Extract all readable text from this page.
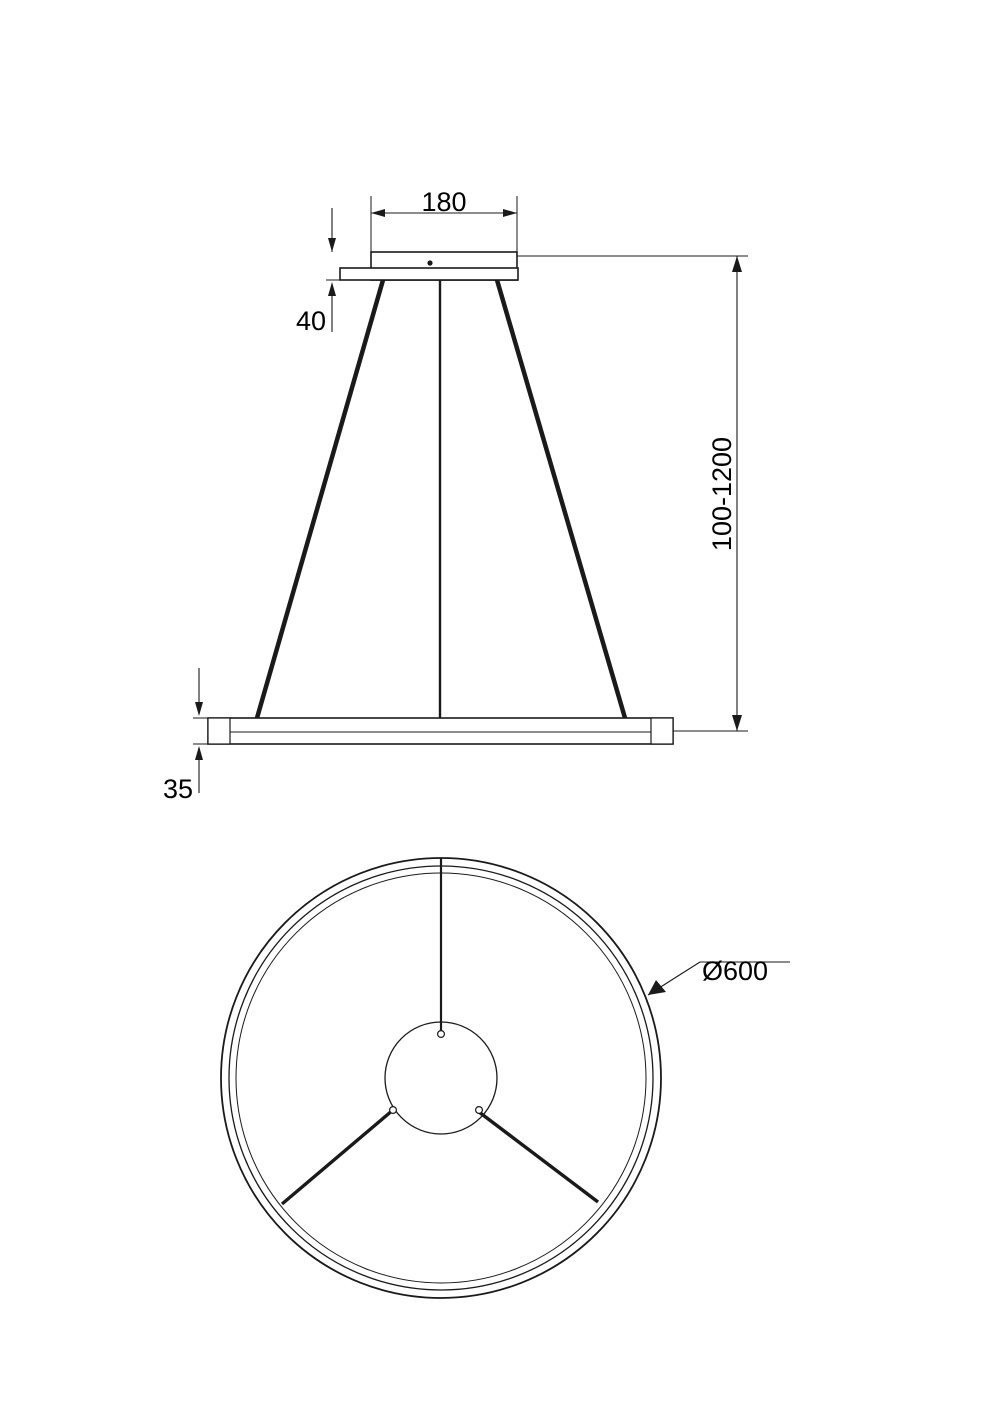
180
40
100-1200
35
Ø600
